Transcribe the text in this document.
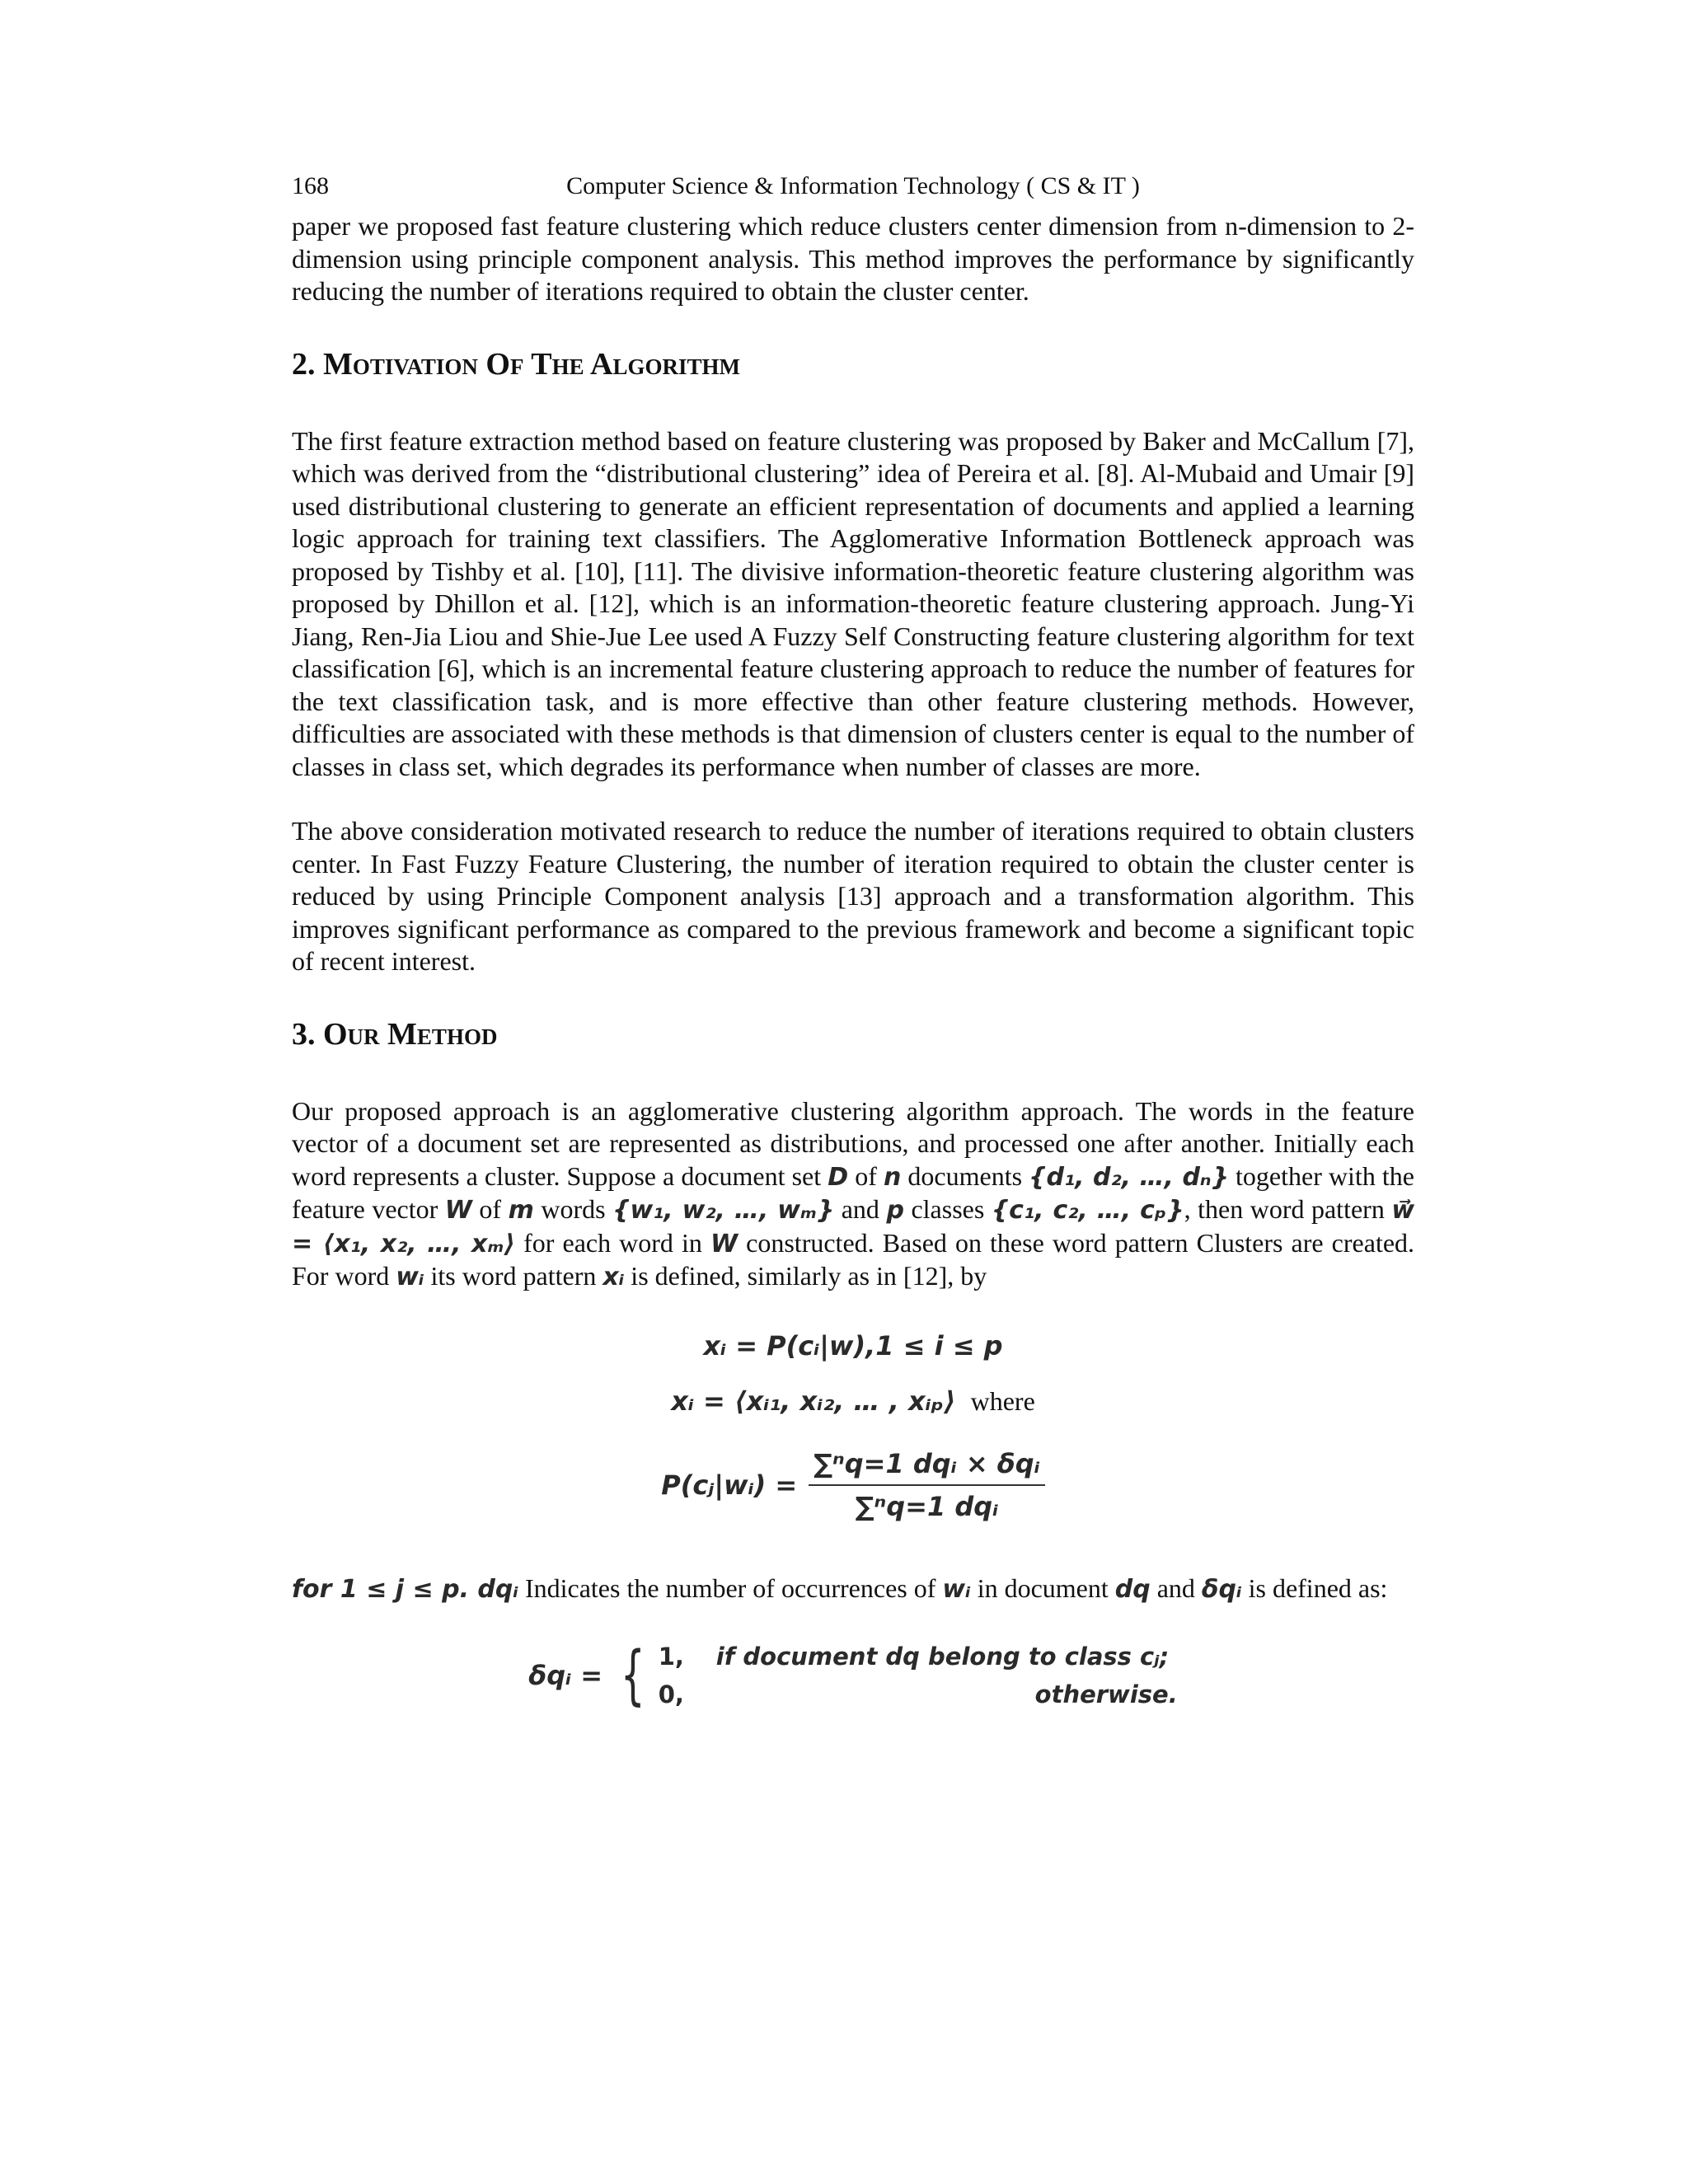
168	Computer Science & Information Technology ( CS & IT )

paper we proposed fast feature clustering which reduce clusters center dimension from n-dimension to 2-dimension using principle component analysis. This method improves the performance by significantly reducing the number of iterations required to obtain the cluster center.

2. Motivation Of The Algorithm

The first feature extraction method based on feature clustering was proposed by Baker and McCallum [7], which was derived from the “distributional clustering” idea of Pereira et al. [8]. Al-Mubaid and Umair [9] used distributional clustering to generate an efficient representation of documents and applied a learning logic approach for training text classifiers. The Agglomerative Information Bottleneck approach was proposed by Tishby et al. [10], [11]. The divisive information-theoretic feature clustering algorithm was proposed by Dhillon et al. [12], which is an information-theoretic feature clustering approach. Jung-Yi Jiang, Ren-Jia Liou and Shie-Jue Lee used A Fuzzy Self Constructing feature clustering algorithm for text classification [6], which is an incremental feature clustering approach to reduce the number of features for the text classification task, and is more effective than other feature clustering methods. However, difficulties are associated with these methods is that dimension of clusters center is equal to the number of classes in class set, which degrades its performance when number of classes are more.

The above consideration motivated research to reduce the number of iterations required to obtain clusters center. In Fast Fuzzy Feature Clustering, the number of iteration required to obtain the cluster center is reduced by using Principle Component analysis [13] approach and a transformation algorithm. This improves significant performance as compared to the previous framework and become a significant topic of recent interest.

3. Our Method

Our proposed approach is an agglomerative clustering algorithm approach. The words in the feature vector of a document set are represented as distributions, and processed one after another. Initially each word represents a cluster. Suppose a document set D of n documents {d₁, d₂, …, dₙ} together with the feature vector W of m words {w₁, w₂, …, wₘ} and p classes {c₁, c₂, …, cₚ}, then word pattern w⃗ = ⟨x₁, x₂, …, xₘ⟩ for each word in W constructed. Based on these word pattern Clusters are created. For word wᵢ its word pattern xᵢ is defined, similarly as in [12], by

xᵢ = P(cᵢ|w),1 ≤ i ≤ p
xᵢ = ⟨xᵢ₁, xᵢ₂, … , xᵢₚ⟩ where
P(cⱼ|wᵢ) = $\frac{\text{∑ⁿq=1 dqᵢ × δqᵢ}}{\text{∑ⁿq=1 dqᵢ}}$

for 1 ≤ j ≤ p. dqᵢ Indicates the number of occurrences of wᵢ in document dq and δqᵢ is defined as:

δqᵢ = { 1,	if document dq belong to class cⱼ;
0,	otherwise.
